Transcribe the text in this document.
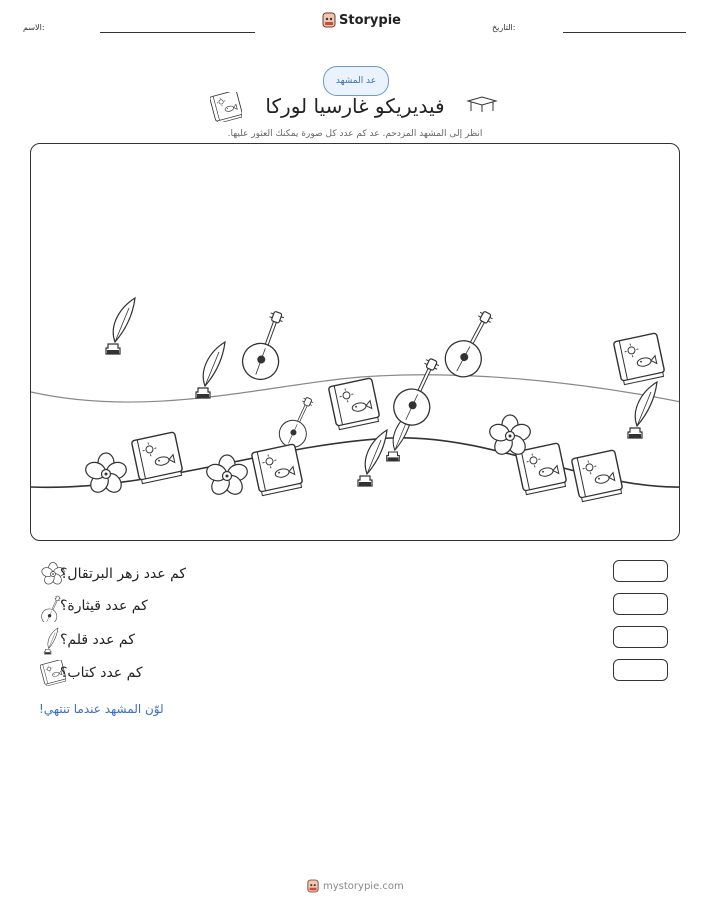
الاسم:	Storypie	التاريخ:
عد المشهد
فيديريكو غارسيا لوركا
انظر إلى المشهد المزدحم. عد كم عدد كل صورة يمكنك العثور عليها.
كم عدد زهر البرتقال؟
كم عدد قيثارة؟
كم عدد قلم؟
كم عدد كتاب؟
لوّن المشهد عندما تنتهي!
mystorypie.com
